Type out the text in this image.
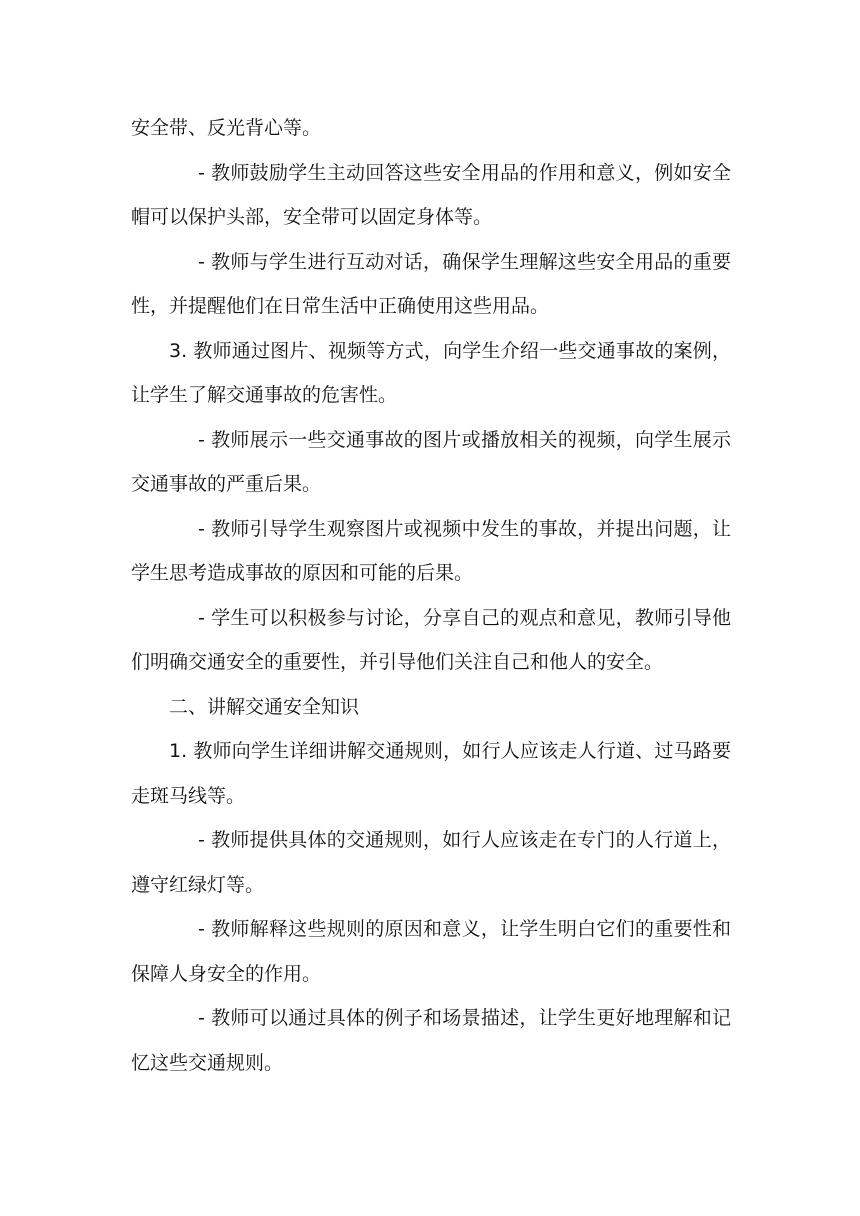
安全带、反光背心等。

- 教师鼓励学生主动回答这些安全用品的作用和意义，例如安全帽可以保护头部，安全带可以固定身体等。

- 教师与学生进行互动对话，确保学生理解这些安全用品的重要性，并提醒他们在日常生活中正确使用这些用品。

3. 教师通过图片、视频等方式，向学生介绍一些交通事故的案例，让学生了解交通事故的危害性。

- 教师展示一些交通事故的图片或播放相关的视频，向学生展示交通事故的严重后果。

- 教师引导学生观察图片或视频中发生的事故，并提出问题，让学生思考造成事故的原因和可能的后果。

- 学生可以积极参与讨论，分享自己的观点和意见，教师引导他们明确交通安全的重要性，并引导他们关注自己和他人的安全。

二、讲解交通安全知识

1. 教师向学生详细讲解交通规则，如行人应该走人行道、过马路要走斑马线等。

- 教师提供具体的交通规则，如行人应该走在专门的人行道上，遵守红绿灯等。

- 教师解释这些规则的原因和意义，让学生明白它们的重要性和保障人身安全的作用。

- 教师可以通过具体的例子和场景描述，让学生更好地理解和记忆这些交通规则。
